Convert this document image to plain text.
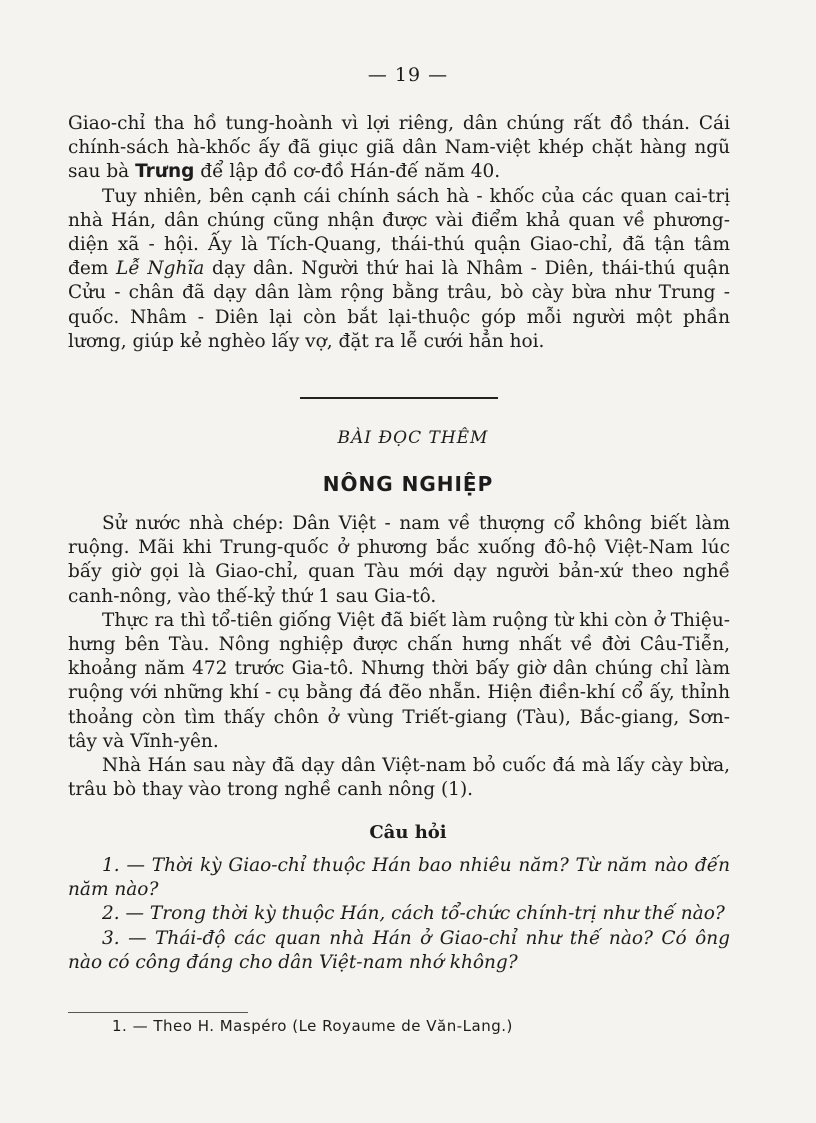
— 19 —

Giao-chỉ tha hồ tung-hoành vì lợi riêng, dân chúng rất đồ thán. Cái chính-sách hà-khốc ấy đã giục giã dân Nam-việt khép chặt hàng ngũ sau bà Trưng để lập đồ cơ-đồ Hán-đế năm 40.

Tuy nhiên, bên cạnh cái chính sách hà - khốc của các quan cai-trị nhà Hán, dân chúng cũng nhận được vài điểm khả quan về phương-diện xã - hội. Ấy là Tích-Quang, thái-thú quận Giao-chỉ, đã tận tâm đem Lễ Nghĩa dạy dân. Người thứ hai là Nhâm - Diên, thái-thú quận Cửu - chân đã dạy dân làm rộng bằng trâu, bò cày bừa như Trung - quốc. Nhâm - Diên lại còn bắt lại-thuộc góp mỗi người một phần lương, giúp kẻ nghèo lấy vợ, đặt ra lễ cưới hẳn hoi.

BÀI ĐỌC THÊM
NÔNG NGHIỆP

Sử nước nhà chép: Dân Việt - nam về thượng cổ không biết làm ruộng. Mãi khi Trung-quốc ở phương bắc xuống đô-hộ Việt-Nam lúc bấy giờ gọi là Giao-chỉ, quan Tàu mới dạy người bản-xứ theo nghề canh-nông, vào thế-kỷ thứ 1 sau Gia-tô.

Thực ra thì tổ-tiên giống Việt đã biết làm ruộng từ khi còn ở Thiệu-hưng bên Tàu. Nông nghiệp được chấn hưng nhất về đời Câu-Tiễn, khoảng năm 472 trước Gia-tô. Nhưng thời bấy giờ dân chúng chỉ làm ruộng với những khí - cụ bằng đá đẽo nhẵn. Hiện điền-khí cổ ấy, thỉnh thoảng còn tìm thấy chôn ở vùng Triết-giang (Tàu), Bắc-giang, Sơn-tây và Vĩnh-yên.

Nhà Hán sau này đã dạy dân Việt-nam bỏ cuốc đá mà lấy cày bừa, trâu bò thay vào trong nghề canh nông (1).

Câu hỏi

1. — Thời kỳ Giao-chỉ thuộc Hán bao nhiêu năm? Từ năm nào đến năm nào?

2. — Trong thời kỳ thuộc Hán, cách tổ-chức chính-trị như thế nào?

3. — Thái-độ các quan nhà Hán ở Giao-chỉ như thế nào? Có ông nào có công đáng cho dân Việt-nam nhớ không?

1. — Theo H. Maspéro (Le Royaume de Văn-Lang.)
